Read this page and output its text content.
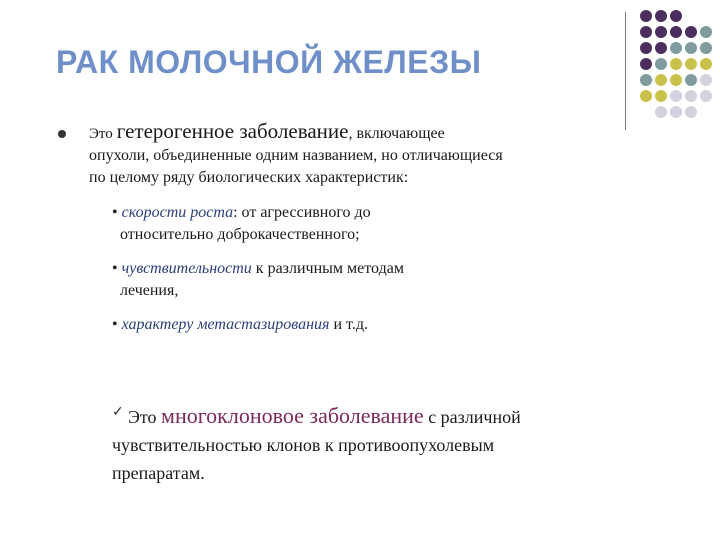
РАК МОЛОЧНОЙ ЖЕЛЕЗЫ
Это гетерогенное заболевание, включающее
опухоли, объединенные одним названием, но отличающиеся
по целому ряду биологических характеристик:
• скорости роста: от агрессивного до
относительно доброкачественного;
• чувствительности к различным методам
лечения,
• характеру метастазирования и т.д.
✓ Это многоклоновое заболевание с различной
чувствительностью клонов к противоопухолевым
препаратам.
